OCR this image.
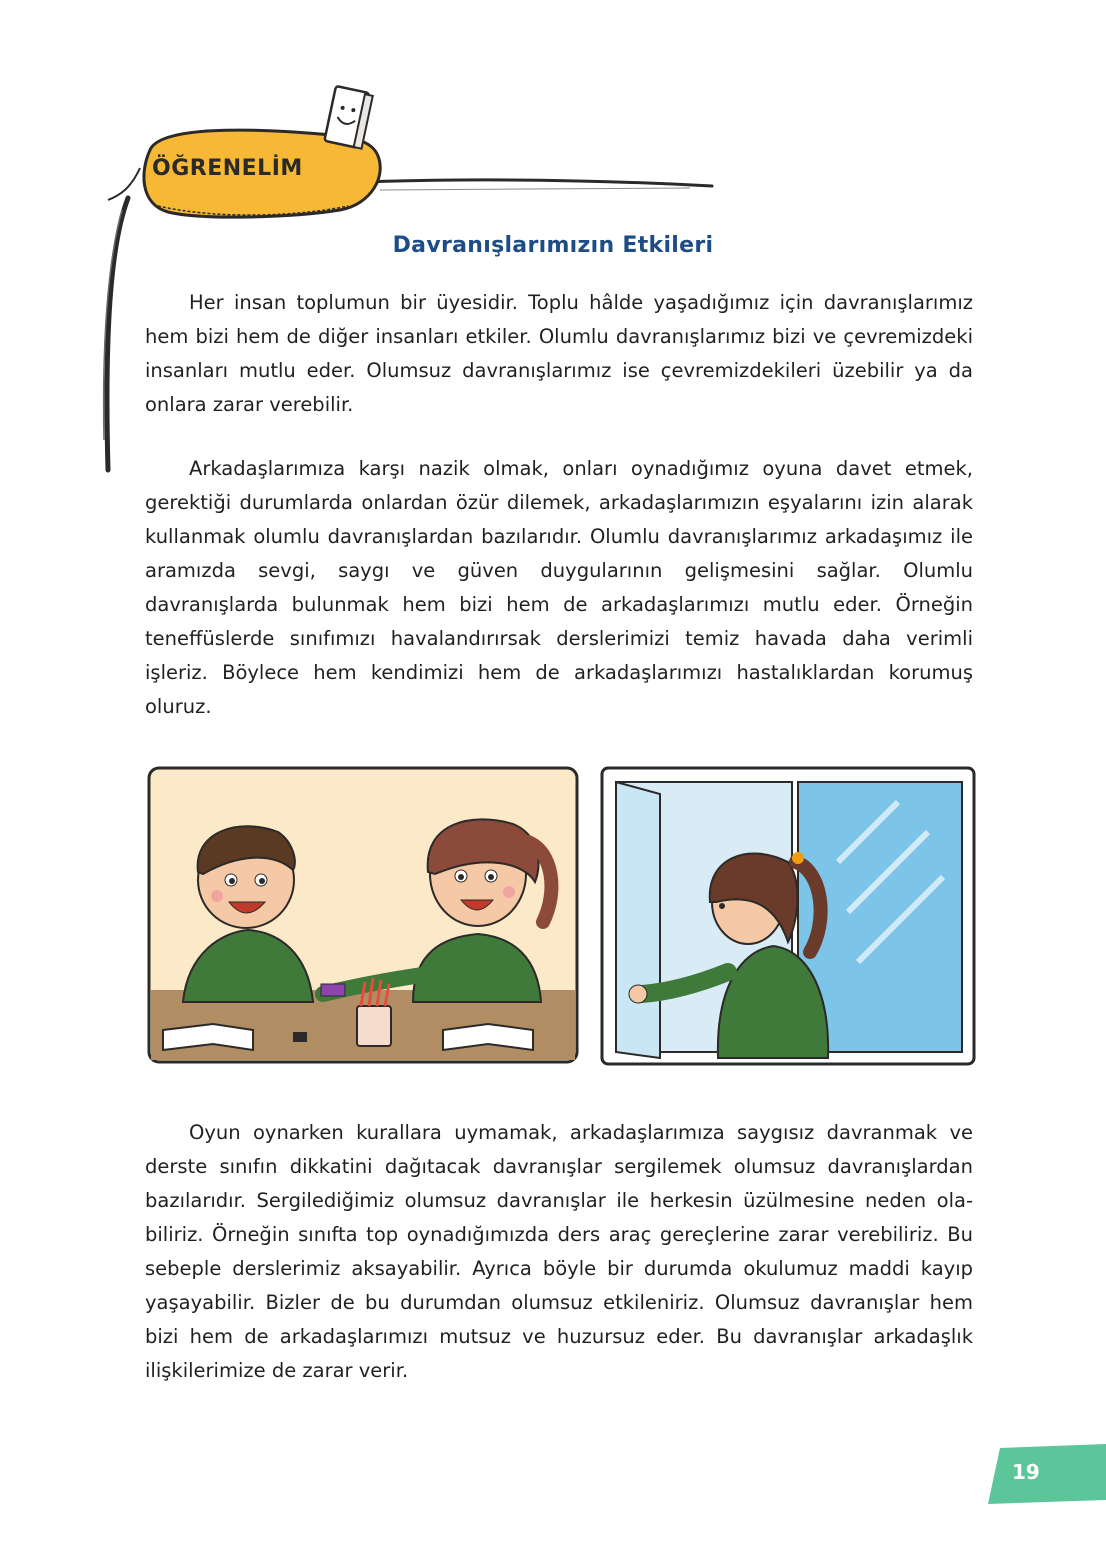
ÖĞRENELİM
Davranışlarımızın Etkileri

Her insan toplumun bir üyesidir. Toplu hâlde yaşadığımız için davranışlarımız hem bizi hem de diğer insanları etkiler. Olumlu davranışlarımız bizi ve çevremizdeki insanları mutlu eder. Olumsuz davranışlarımız ise çevremizdekileri üzebilir ya da onlara zarar verebilir.

Arkadaşlarımıza karşı nazik olmak, onları oynadığımız oyuna davet etmek, gerektiği durumlarda onlardan özür dilemek, arkadaşlarımızın eşyalarını izin alarak kullanmak olumlu davranışlardan bazılarıdır. Olumlu davranışlarımız arkadaşımız ile aramızda sevgi, saygı ve güven duygularının gelişmesini sağlar. Olumlu davranışlarda bulunmak hem bizi hem de arkadaşlarımızı mutlu eder. Örneğin teneffüslerde sınıfımızı havalandırırsak derslerimizi temiz havada daha verimli işleriz. Böylece hem kendimizi hem de arkadaşlarımızı hastalıklardan korumuş oluruz.

Oyun oynarken kurallara uymamak, arkadaşlarımıza saygısız davranmak ve derste sınıfın dikkatini dağıtacak davranışlar sergilemek olumsuz davranışlardan bazılarıdır. Sergilediğimiz olumsuz davranışlar ile herkesin üzülmesine neden olabiliriz. Örneğin sınıfta top oynadığımızda ders araç gereçlerine zarar verebiliriz. Bu sebeple derslerimiz aksayabilir. Ayrıca böyle bir durumda okulumuz maddi kayıp yaşayabilir. Bizler de bu durumdan olumsuz etkileniriz. Olumsuz davranışlar hem bizi hem de arkadaşlarımızı mutsuz ve huzursuz eder. Bu davranışlar arkadaşlık ilişkilerimize de zarar verir.

19
